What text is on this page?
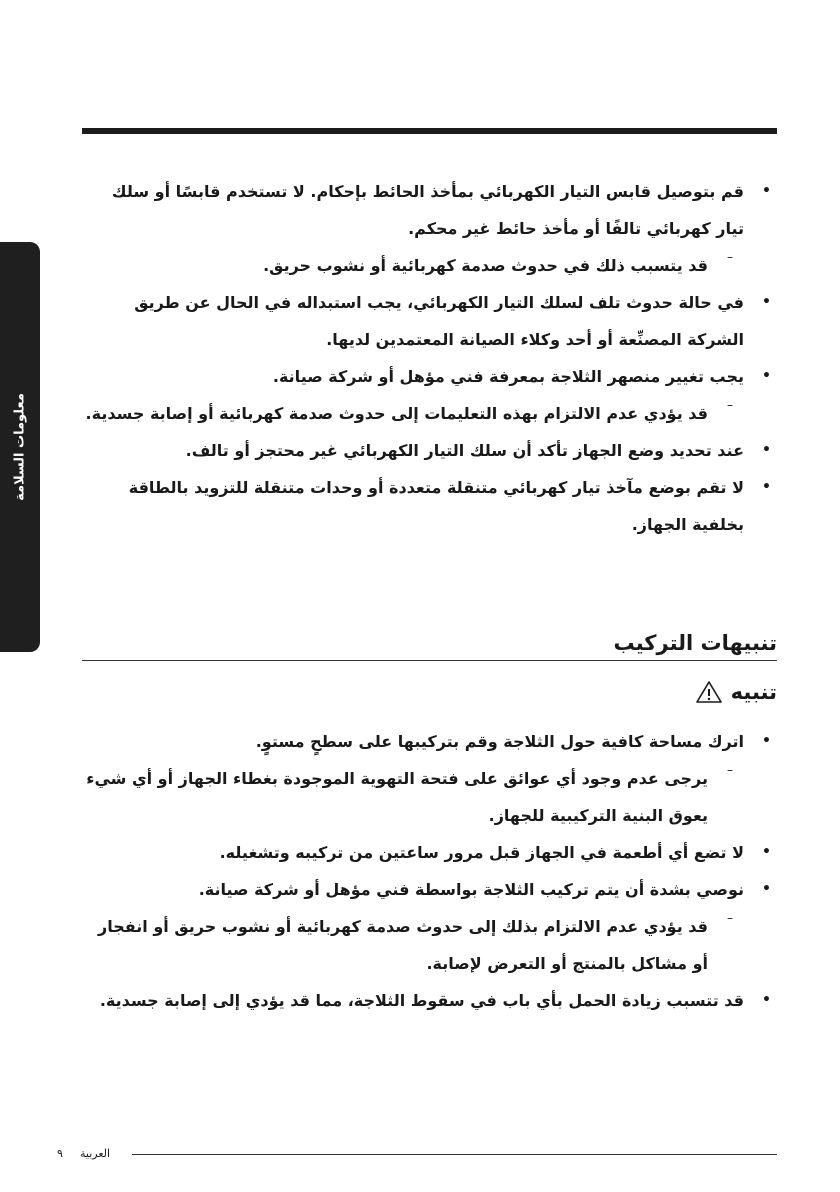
معلومات السلامة
• قم بتوصيل قابس التيار الكهربائي بمأخذ الحائط بإحكام. لا تستخدم قابسًا أو سلك تيار كهربائي تالفًا أو مأخذ حائط غير محكم.
– قد يتسبب ذلك في حدوث صدمة كهربائية أو نشوب حريق.
• في حالة حدوث تلف لسلك التيار الكهربائي، يجب استبداله في الحال عن طريق الشركة المصنِّعة أو أحد وكلاء الصيانة المعتمدين لديها.
• يجب تغيير منصهر الثلاجة بمعرفة فني مؤهل أو شركة صيانة.
– قد يؤدي عدم الالتزام بهذه التعليمات إلى حدوث صدمة كهربائية أو إصابة جسدية.
• عند تحديد وضع الجهاز تأكد أن سلك التيار الكهربائي غير محتجز أو تالف.
• لا تقم بوضع مآخذ تيار كهربائي متنقلة متعددة أو وحدات متنقلة للتزويد بالطاقة بخلفية الجهاز.
تنبيهات التركيب
تنبيه
• اترك مساحة كافية حول الثلاجة وقم بتركيبها على سطحٍ مستوٍ.
– يرجى عدم وجود أي عوائق على فتحة التهوية الموجودة بغطاء الجهاز أو أي شيء يعوق البنية التركيبية للجهاز.
• لا تضع أي أطعمة في الجهاز قبل مرور ساعتين من تركيبه وتشغيله.
• نوصي بشدة أن يتم تركيب الثلاجة بواسطة فني مؤهل أو شركة صيانة.
– قد يؤدي عدم الالتزام بذلك إلى حدوث صدمة كهربائية أو نشوب حريق أو انفجار أو مشاكل بالمنتج أو التعرض لإصابة.
• قد تتسبب زيادة الحمل بأي باب في سقوط الثلاجة، مما قد يؤدي إلى إصابة جسدية.
العربية
٩
